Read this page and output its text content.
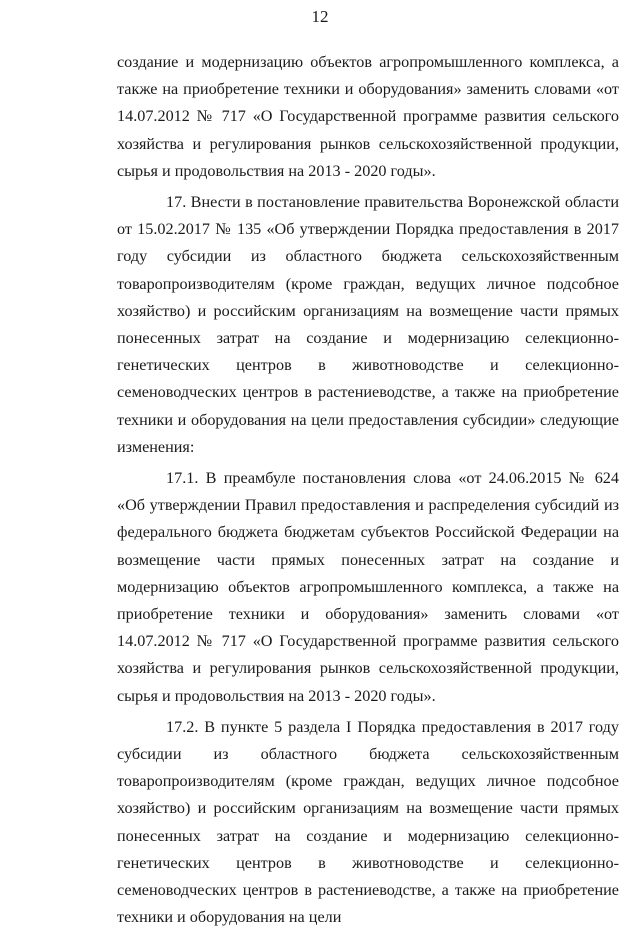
12

создание и модернизацию объектов агропромышленного комплекса, а также на приобретение техники и оборудования» заменить словами «от 14.07.2012 № 717 «О Государственной программе развития сельского хозяйства и регулирования рынков сельскохозяйственной продукции, сырья и продовольствия на 2013 - 2020 годы».

17. Внести в постановление правительства Воронежской области от 15.02.2017 № 135 «Об утверждении Порядка предоставления в 2017 году субсидии из областного бюджета сельскохозяйственным товаропроизводителям (кроме граждан, ведущих личное подсобное хозяйство) и российским организациям на возмещение части прямых понесенных затрат на создание и модернизацию селекционно-генетических центров в животноводстве и селекционно-семеноводческих центров в растениеводстве, а также на приобретение техники и оборудования на цели предоставления субсидии» следующие изменения:

17.1. В преамбуле постановления слова «от 24.06.2015 № 624 «Об утверждении Правил предоставления и распределения субсидий из федерального бюджета бюджетам субъектов Российской Федерации на возмещение части прямых понесенных затрат на создание и модернизацию объектов агропромышленного комплекса, а также на приобретение техники и оборудования» заменить словами «от 14.07.2012 № 717 «О Государственной программе развития сельского хозяйства и регулирования рынков сельскохозяйственной продукции, сырья и продовольствия на 2013 - 2020 годы».

17.2. В пункте 5 раздела I Порядка предоставления в 2017 году субсидии из областного бюджета сельскохозяйственным товаропроизводителям (кроме граждан, ведущих личное подсобное хозяйство) и российским организациям на возмещение части прямых понесенных затрат на создание и модернизацию селекционно-генетических центров в животноводстве и селекционно-семеноводческих центров в растениеводстве, а также на приобретение техники и оборудования на цели
